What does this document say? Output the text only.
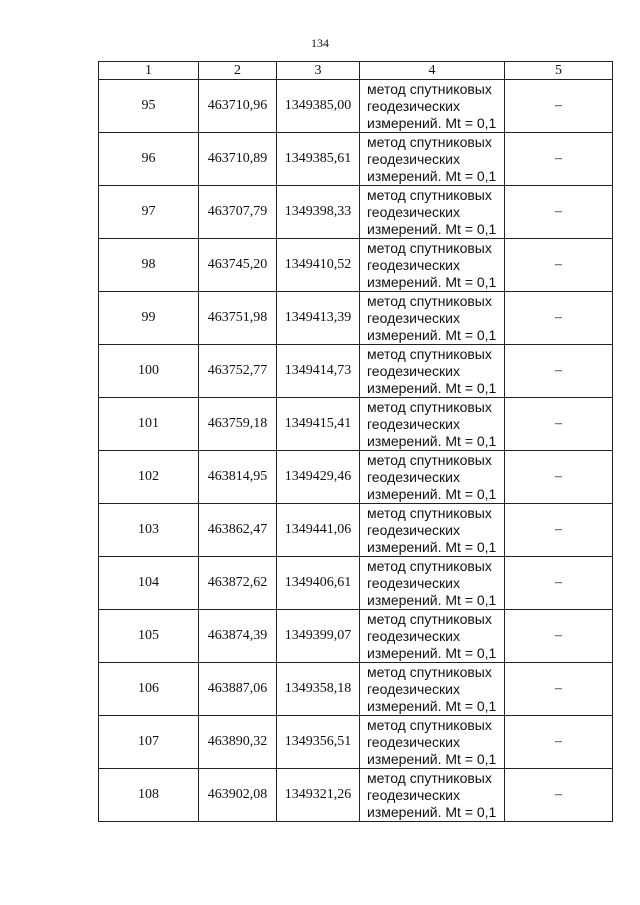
134
1	2	3	4	5
95	463710,96	1349385,00	метод спутниковых
геодезических
измерений. Mt = 0,1	–
96	463710,89	1349385,61	метод спутниковых
геодезических
измерений. Mt = 0,1	–
97	463707,79	1349398,33	метод спутниковых
геодезических
измерений. Mt = 0,1	–
98	463745,20	1349410,52	метод спутниковых
геодезических
измерений. Mt = 0,1	–
99	463751,98	1349413,39	метод спутниковых
геодезических
измерений. Mt = 0,1	–
100	463752,77	1349414,73	метод спутниковых
геодезических
измерений. Mt = 0,1	–
101	463759,18	1349415,41	метод спутниковых
геодезических
измерений. Mt = 0,1	–
102	463814,95	1349429,46	метод спутниковых
геодезических
измерений. Mt = 0,1	–
103	463862,47	1349441,06	метод спутниковых
геодезических
измерений. Mt = 0,1	–
104	463872,62	1349406,61	метод спутниковых
геодезических
измерений. Mt = 0,1	–
105	463874,39	1349399,07	метод спутниковых
геодезических
измерений. Mt = 0,1	–
106	463887,06	1349358,18	метод спутниковых
геодезических
измерений. Mt = 0,1	–
107	463890,32	1349356,51	метод спутниковых
геодезических
измерений. Mt = 0,1	–
108	463902,08	1349321,26	метод спутниковых
геодезических
измерений. Mt = 0,1	–
